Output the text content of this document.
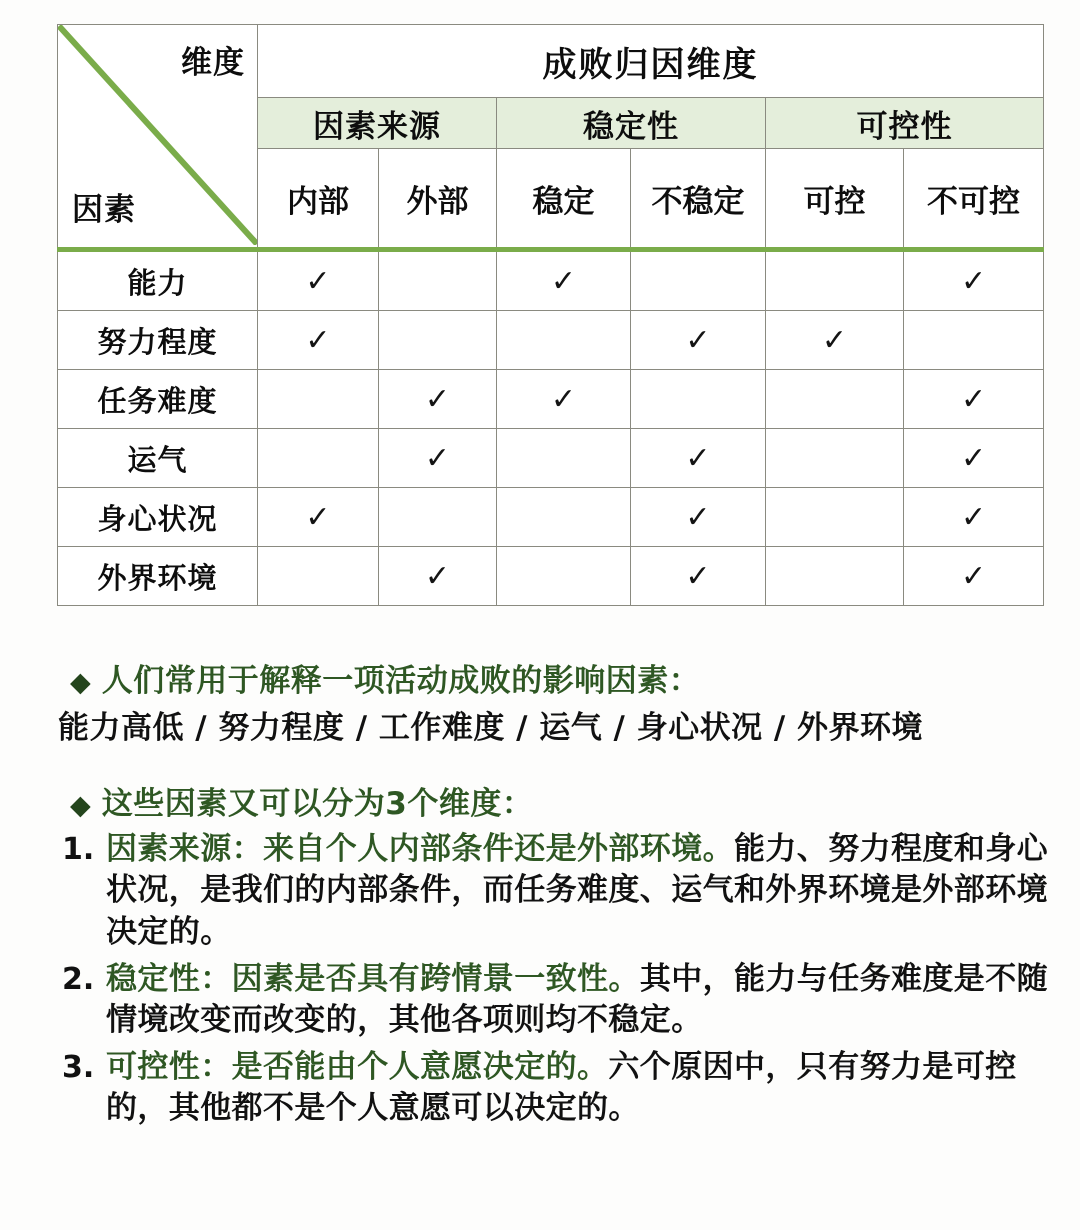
维度
因素	成败归因维度					
	因素来源		稳定性		可控性	
	内部	外部	稳定	不稳定	可控	不可控
能力	✓		✓			✓
努力程度	✓			✓	✓	
任务难度		✓	✓			✓
运气		✓		✓		✓
身心状况	✓			✓		✓
外界环境		✓		✓		✓
◆ 人们常用于解释一项活动成败的影响因素：
能力高低 / 努力程度 / 工作难度 / 运气 / 身心状况 / 外界环境
◆ 这些因素又可以分为3个维度：
1. 因素来源：来自个人内部条件还是外部环境。能力、努力程度和身心状况，是我们的内部条件，而任务难度、运气和外界环境是外部环境决定的。
2. 稳定性：因素是否具有跨情景一致性。其中，能力与任务难度是不随情境改变而改变的，其他各项则均不稳定。
3. 可控性：是否能由个人意愿决定的。六个原因中，只有努力是可控的，其他都不是个人意愿可以决定的。
